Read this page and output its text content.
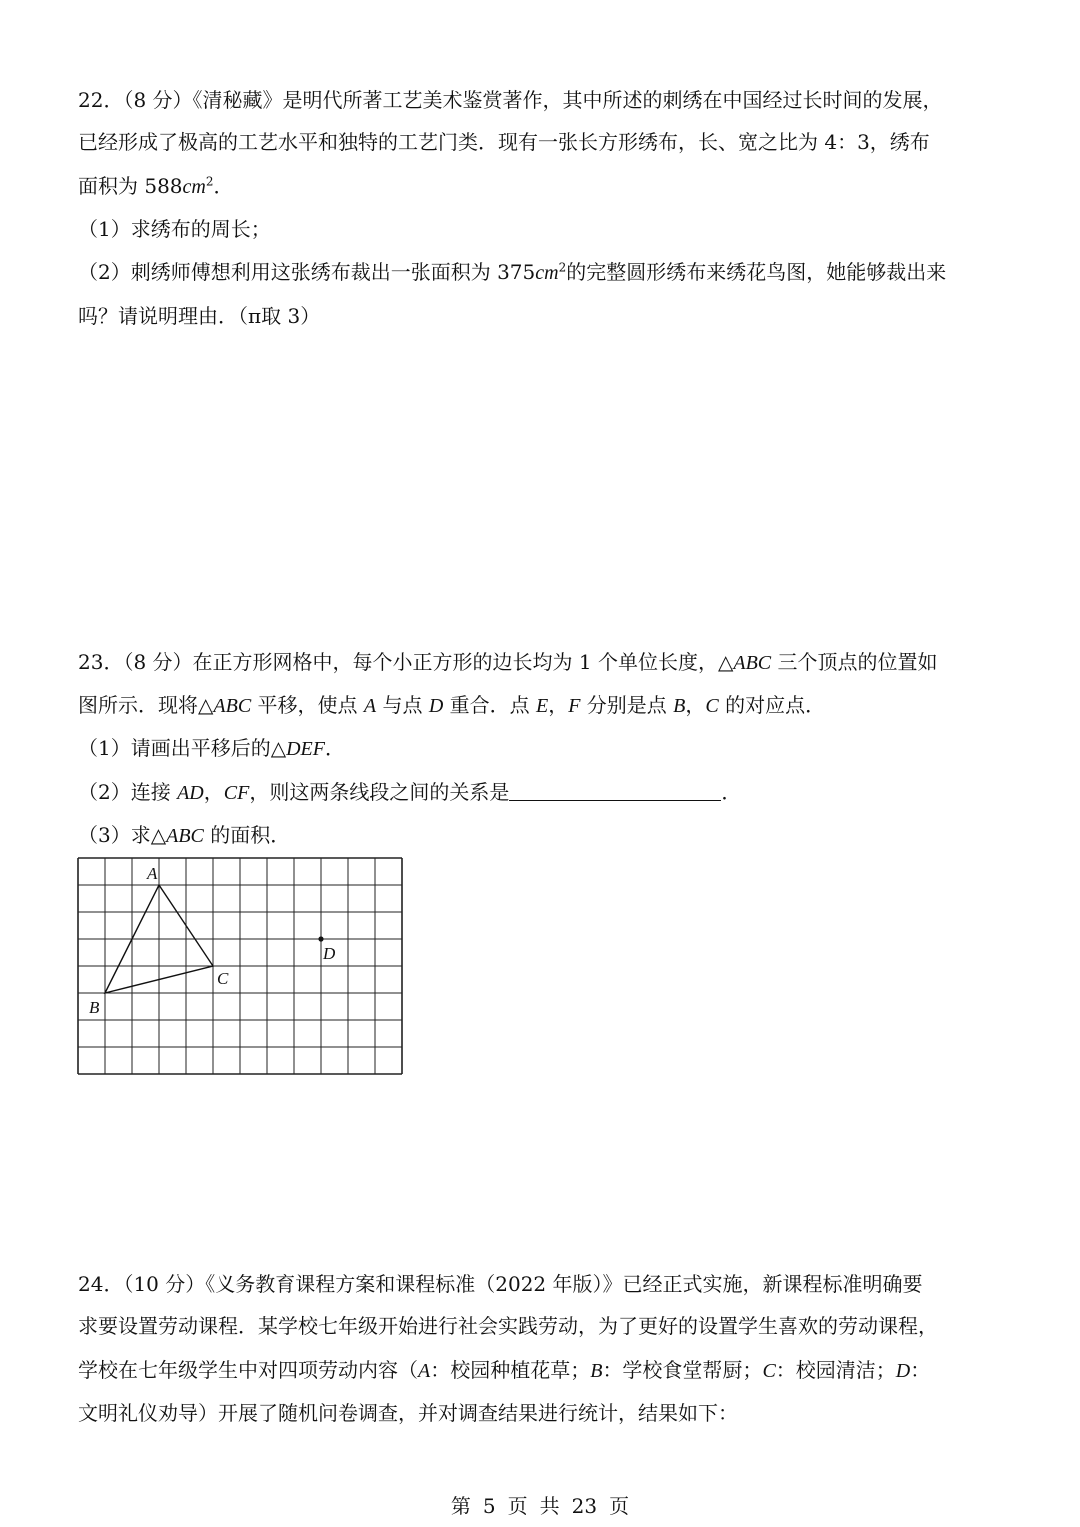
22．（8 分）《清秘藏》是明代所著工艺美术鉴赏著作，其中所述的刺绣在中国经过长时间的发展，
已经形成了极高的工艺水平和独特的工艺门类．现有一张长方形绣布，长、宽之比为 4：3，绣布
面积为 $588cm^2$．
（1）求绣布的周长；
（2）刺绣师傅想利用这张绣布裁出一张面积为 $375cm^2$的完整圆形绣布来绣花鸟图，她能够裁出来
吗？请说明理由．（π取 3）
23．（8 分）在正方形网格中，每个小正方形的边长均为 1 个单位长度，△ABC 三个顶点的位置如
图所示．现将△ABC 平移，使点 A 与点 D 重合．点 E，F 分别是点 B，C 的对应点．
（1）请画出平移后的△DEF．
（2）连接 AD，CF，则这两条线段之间的关系是	．
（3）求△ABC 的面积．
A
B
C
D
24．（10 分）《义务教育课程方案和课程标准（2022 年版）》已经正式实施，新课程标准明确要
求要设置劳动课程．某学校七年级开始进行社会实践劳动，为了更好的设置学生喜欢的劳动课程，
学校在七年级学生中对四项劳动内容（A：校园种植花草；B：学校食堂帮厨；C：校园清洁；D：
文明礼仪劝导）开展了随机问卷调查，并对调查结果进行统计，结果如下：
第 5 页 共 23 页
